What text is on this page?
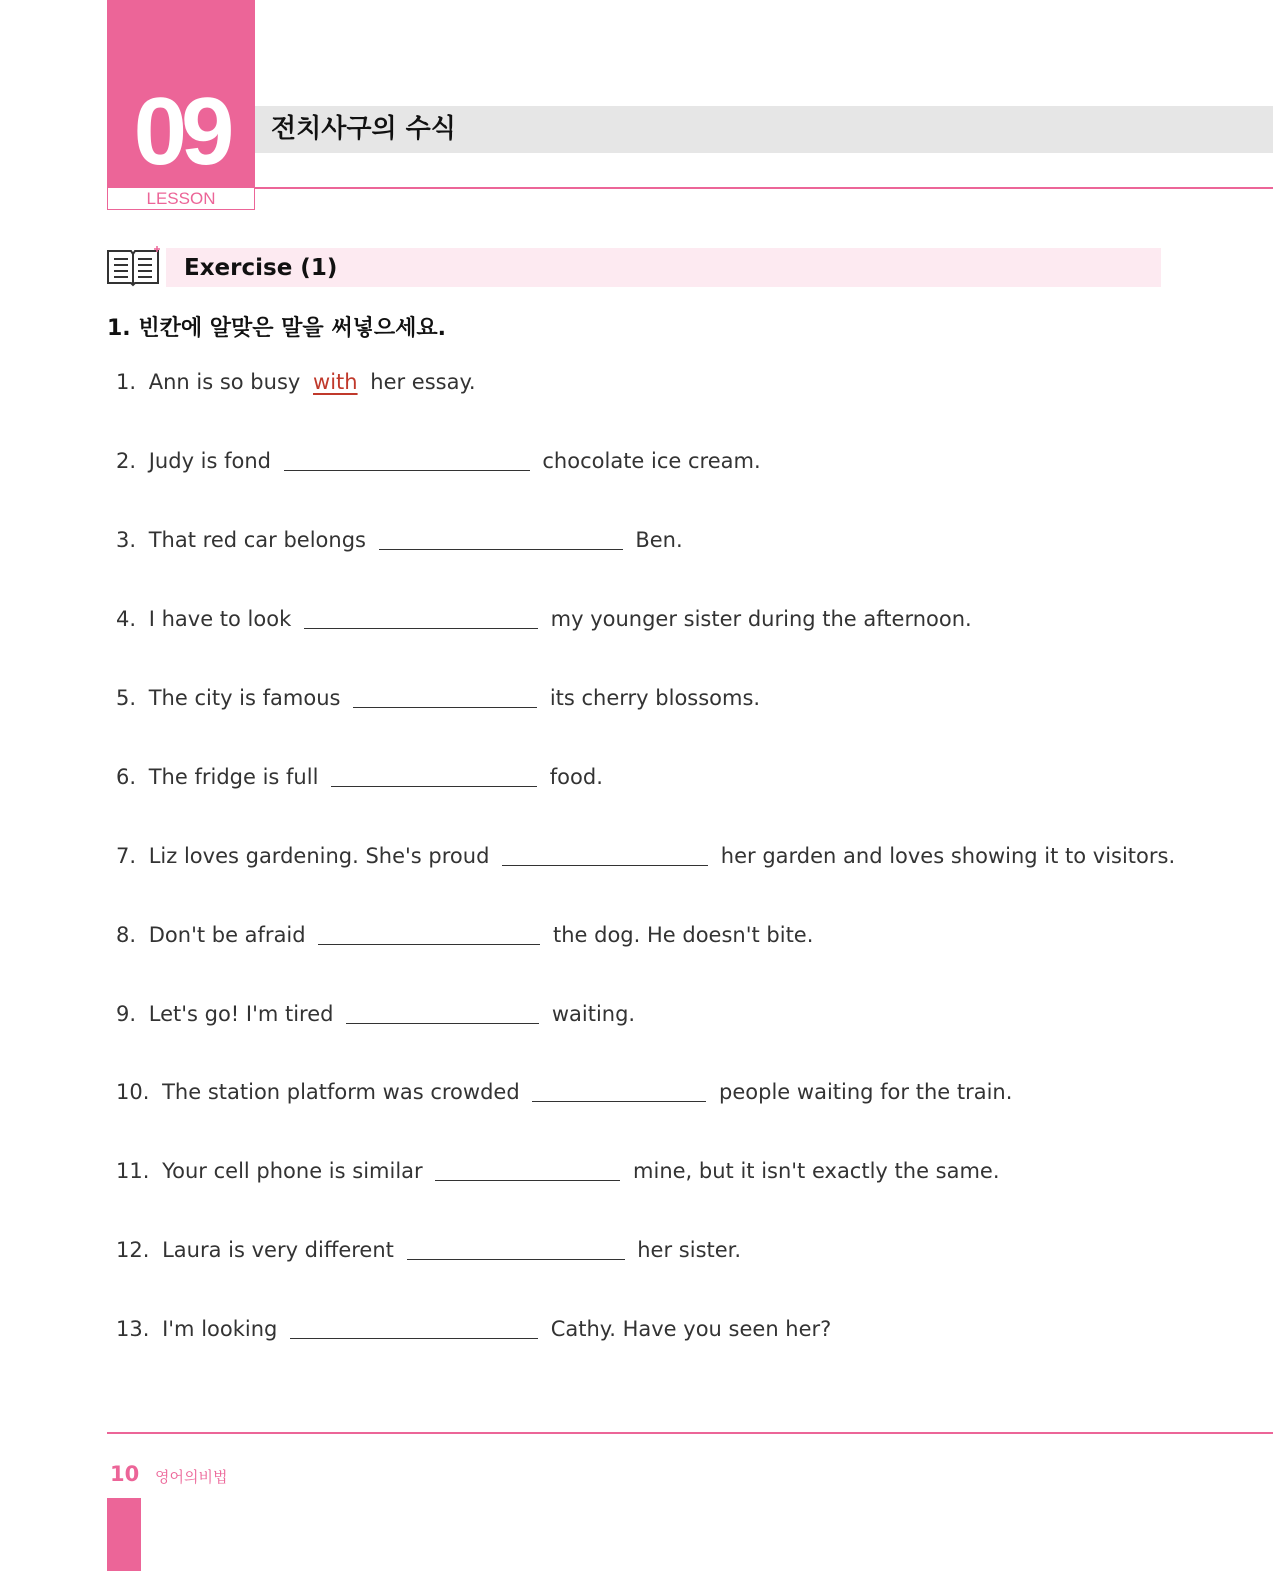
09
LESSON
전치사구의 수식
Exercise (1)
1. 빈칸에 알맞은 말을 써넣으세요.
1. Ann is so busy with her essay.
2. Judy is fond	chocolate ice cream.
3. That red car belongs	Ben.
4. I have to look	my younger sister during the afternoon.
5. The city is famous	its cherry blossoms.
6. The fridge is full	food.
7. Liz loves gardening. She's proud	her garden and loves showing it to visitors.
8. Don't be afraid	the dog. He doesn't bite.
9. Let's go! I'm tired	waiting.
10. The station platform was crowded	people waiting for the train.
11. Your cell phone is similar	mine, but it isn't exactly the same.
12. Laura is very different	her sister.
13. I'm looking	Cathy. Have you seen her?
10 영어의비법
